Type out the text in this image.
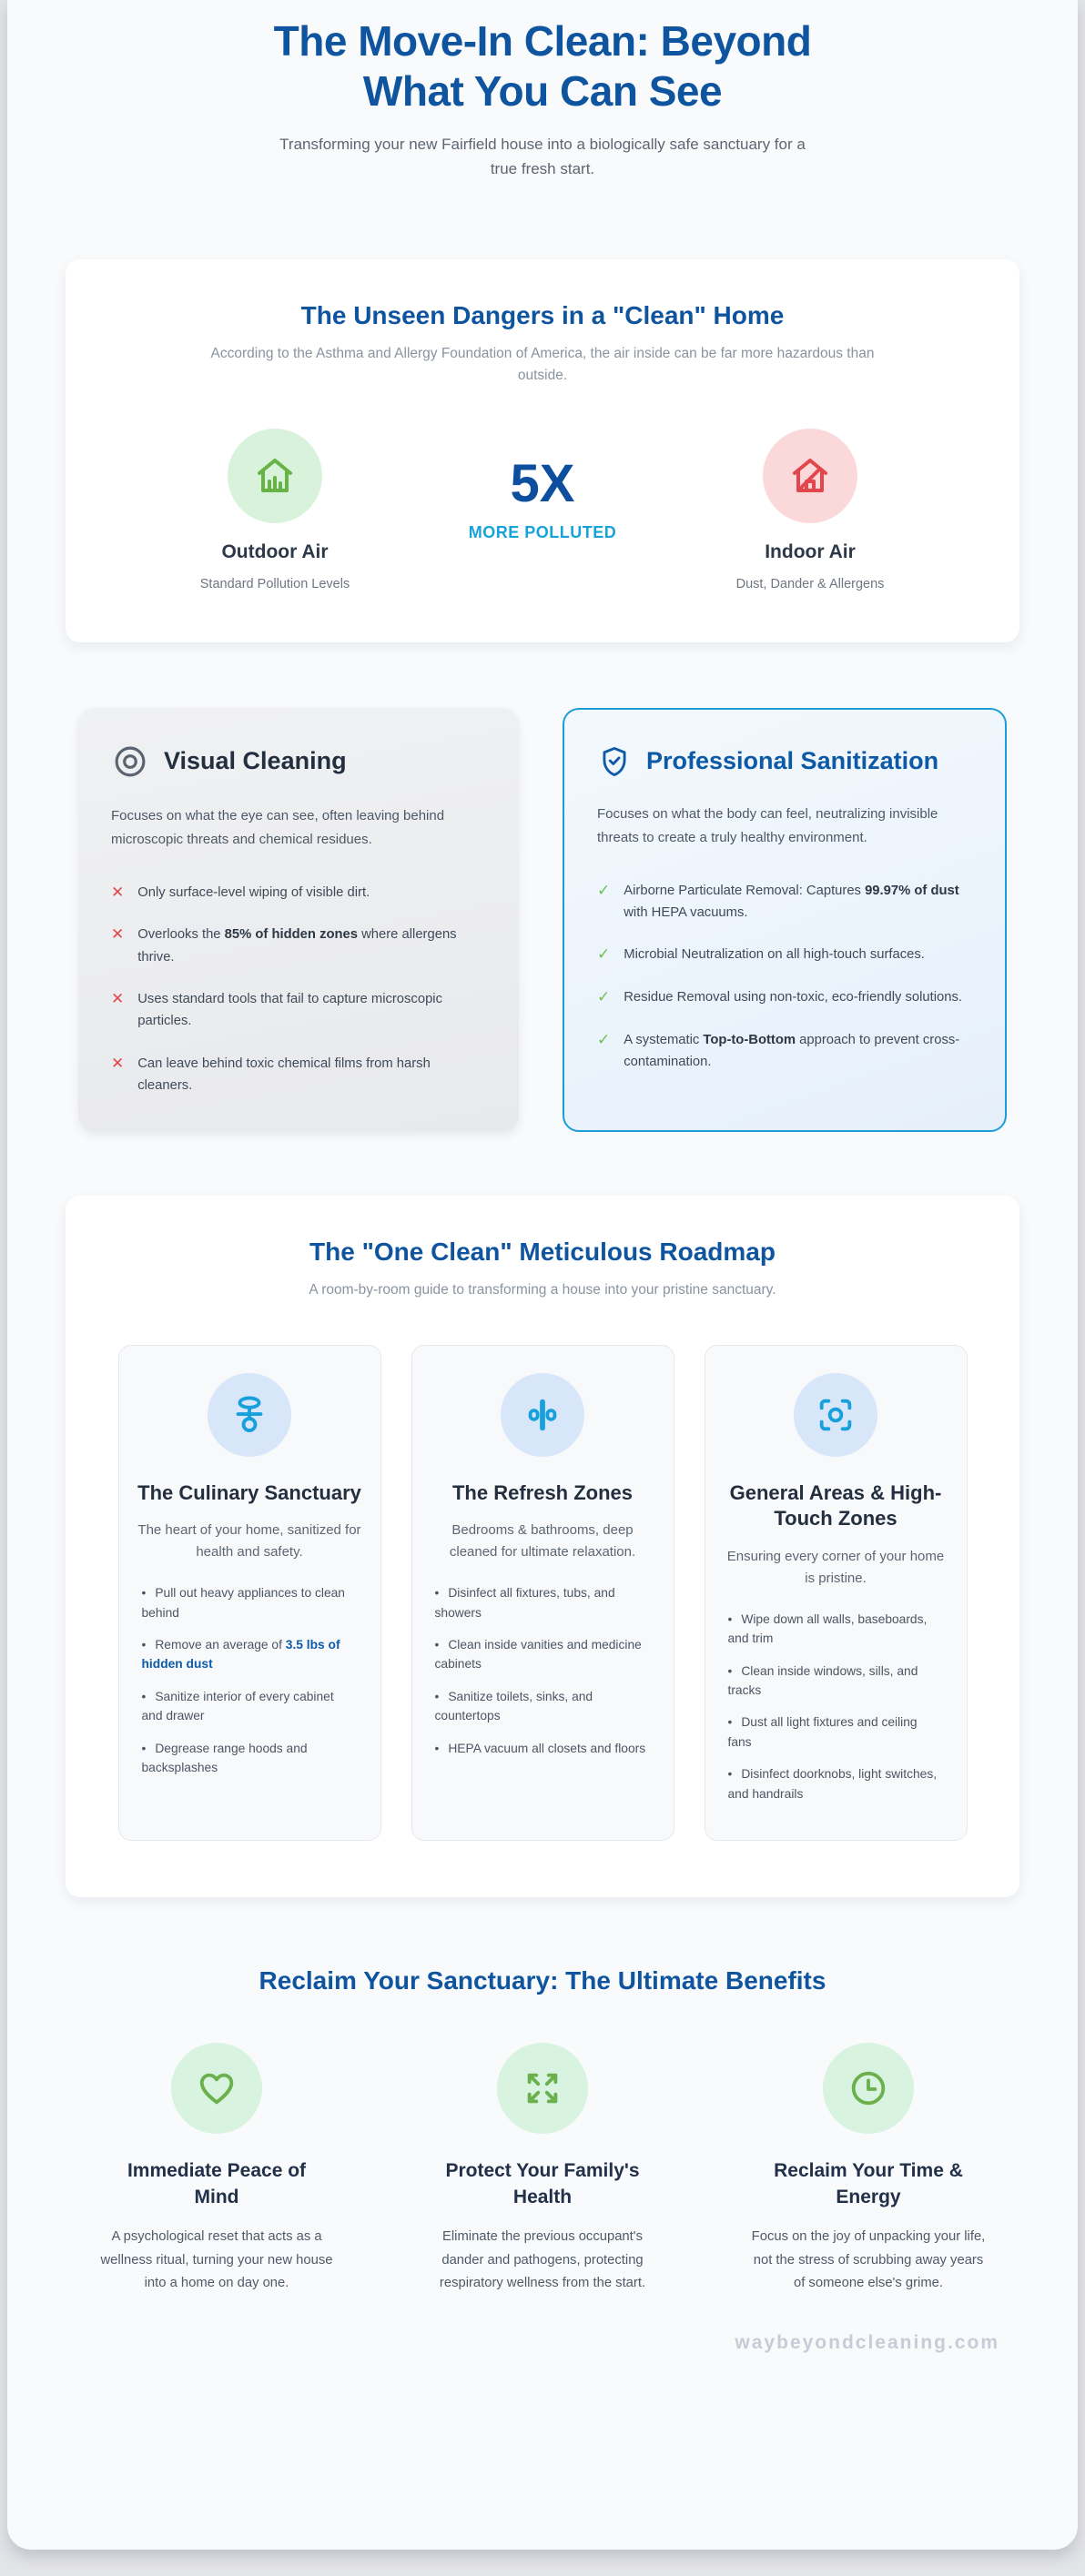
The Move-In Clean: Beyond
What You Can See
Transforming your new Fairfield house into a biologically safe sanctuary for a true fresh start.
The Unseen Dangers in a "Clean" Home
According to the Asthma and Allergy Foundation of America, the air inside can be far more hazardous than outside.
Outdoor Air
Standard Pollution Levels
5X
MORE POLLUTED
Indoor Air
Dust, Dander & Allergens
Visual Cleaning
Focuses on what the eye can see, often leaving behind microscopic threats and chemical residues.
✕ Only surface-level wiping of visible dirt.
✕ Overlooks the 85% of hidden zones where allergens thrive.
✕ Uses standard tools that fail to capture microscopic particles.
✕ Can leave behind toxic chemical films from harsh cleaners.
Professional Sanitization
Focuses on what the body can feel, neutralizing invisible threats to create a truly healthy environment.
✓ Airborne Particulate Removal: Captures 99.97% of dust with HEPA vacuums.
✓ Microbial Neutralization on all high-touch surfaces.
✓ Residue Removal using non-toxic, eco-friendly solutions.
✓ A systematic Top-to-Bottom approach to prevent cross-contamination.
The "One Clean" Meticulous Roadmap
A room-by-room guide to transforming a house into your pristine sanctuary.
The Culinary Sanctuary
The heart of your home, sanitized for health and safety.
• Pull out heavy appliances to clean behind
• Remove an average of 3.5 lbs of hidden dust
• Sanitize interior of every cabinet and drawer
• Degrease range hoods and backsplashes
The Refresh Zones
Bedrooms & bathrooms, deep cleaned for ultimate relaxation.
• Disinfect all fixtures, tubs, and showers
• Clean inside vanities and medicine cabinets
• Sanitize toilets, sinks, and countertops
• HEPA vacuum all closets and floors
General Areas & High-Touch Zones
Ensuring every corner of your home is pristine.
• Wipe down all walls, baseboards, and trim
• Clean inside windows, sills, and tracks
• Dust all light fixtures and ceiling fans
• Disinfect doorknobs, light switches, and handrails
Reclaim Your Sanctuary: The Ultimate Benefits
Immediate Peace of Mind
A psychological reset that acts as a wellness ritual, turning your new house into a home on day one.
Protect Your Family's Health
Eliminate the previous occupant's dander and pathogens, protecting respiratory wellness from the start.
Reclaim Your Time & Energy
Focus on the joy of unpacking your life, not the stress of scrubbing away years of someone else's grime.
waybeyondcleaning.com
